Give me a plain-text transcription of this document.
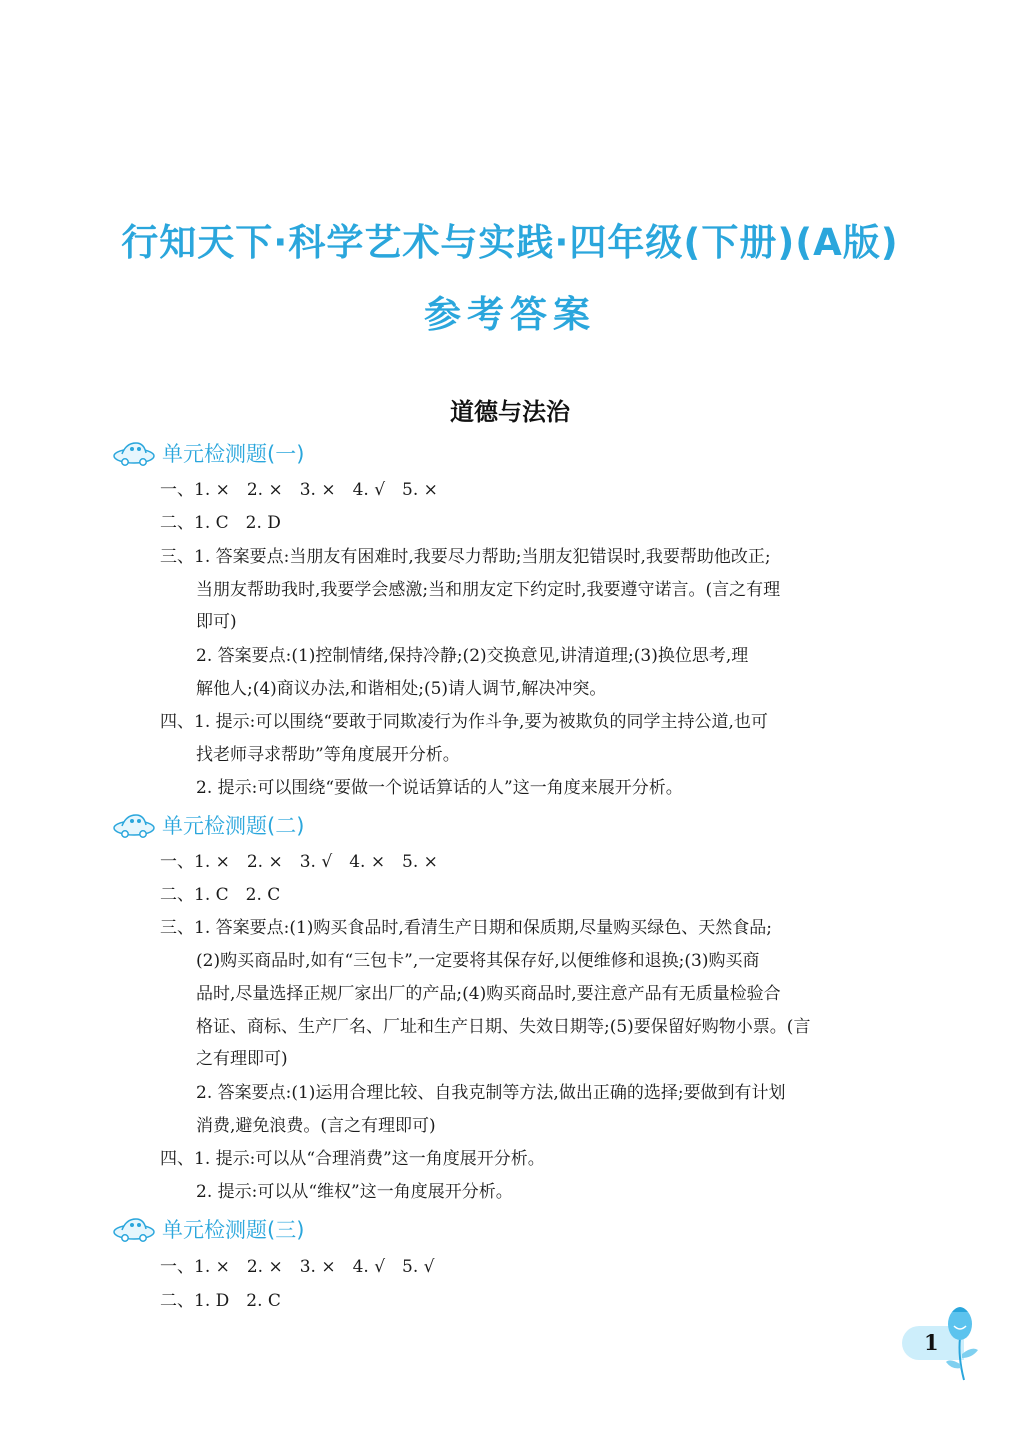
行知天下·科学艺术与实践·四年级(下册)(A版)
参考答案
道德与法治
单元检测题(一)
一、1. ×　2. ×　3. ×　4. √　5. ×
二、1. C　2. D
三、1. 答案要点:当朋友有困难时,我要尽力帮助;当朋友犯错误时,我要帮助他改正;
当朋友帮助我时,我要学会感激;当和朋友定下约定时,我要遵守诺言。(言之有理
即可)
2. 答案要点:(1)控制情绪,保持冷静;(2)交换意见,讲清道理;(3)换位思考,理
解他人;(4)商议办法,和谐相处;(5)请人调节,解决冲突。
四、1. 提示:可以围绕“要敢于同欺凌行为作斗争,要为被欺负的同学主持公道,也可
找老师寻求帮助”等角度展开分析。
2. 提示:可以围绕“要做一个说话算话的人”这一角度来展开分析。
单元检测题(二)
一、1. ×　2. ×　3. √　4. ×　5. ×
二、1. C　2. C
三、1. 答案要点:(1)购买食品时,看清生产日期和保质期,尽量购买绿色、天然食品;
(2)购买商品时,如有“三包卡”,一定要将其保存好,以便维修和退换;(3)购买商
品时,尽量选择正规厂家出厂的产品;(4)购买商品时,要注意产品有无质量检验合
格证、商标、生产厂名、厂址和生产日期、失效日期等;(5)要保留好购物小票。(言
之有理即可)
2. 答案要点:(1)运用合理比较、自我克制等方法,做出正确的选择;要做到有计划
消费,避免浪费。(言之有理即可)
四、1. 提示:可以从“合理消费”这一角度展开分析。
2. 提示:可以从“维权”这一角度展开分析。
单元检测题(三)
一、1. ×　2. ×　3. ×　4. √　5. √
二、1. D　2. C
1
